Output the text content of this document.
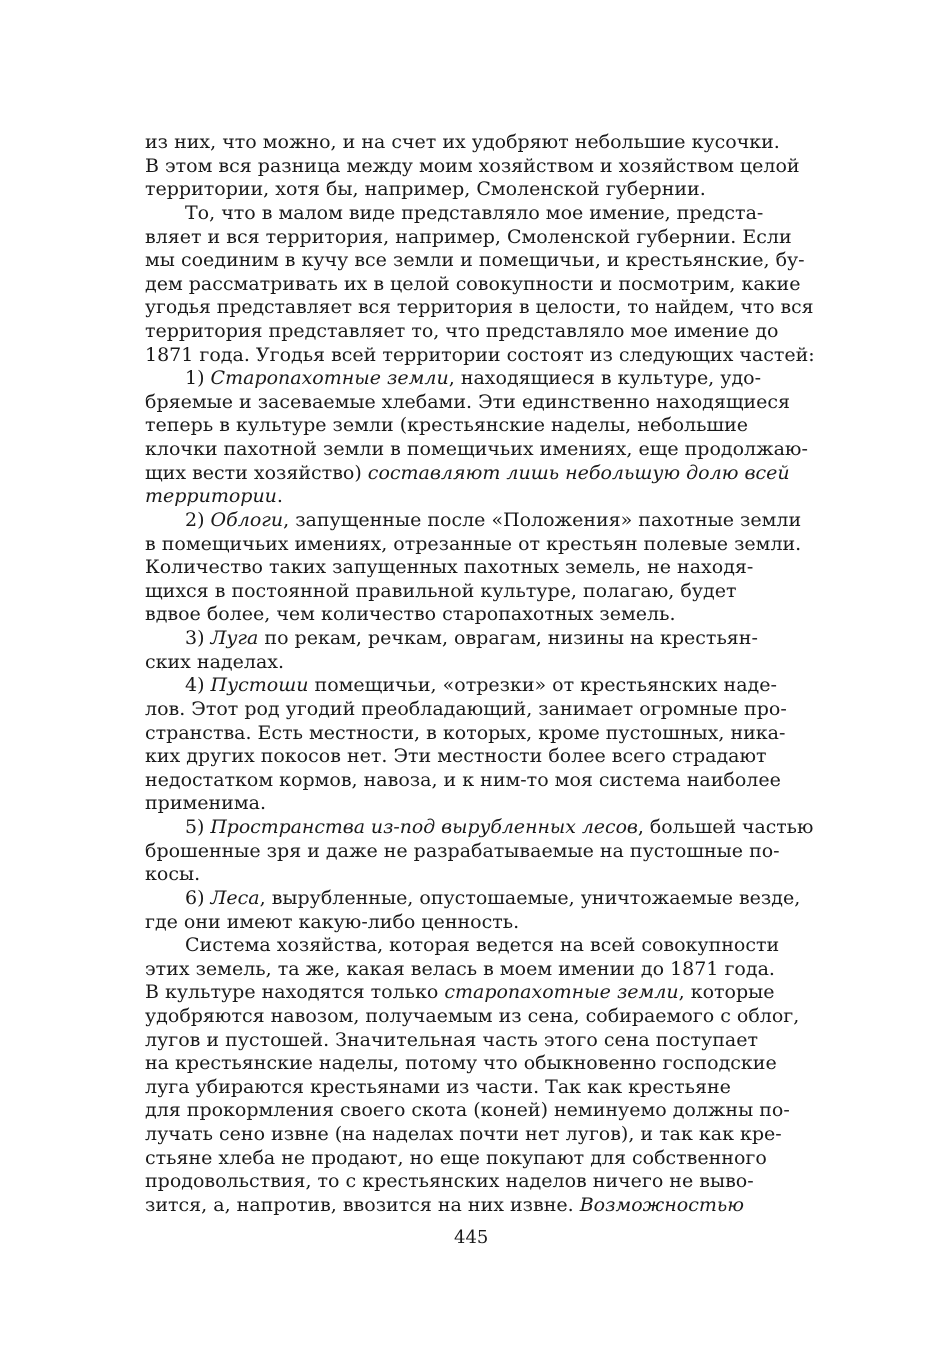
из них, что можно, и на счет их удобряют небольшие кусочки.
В этом вся разница между моим хозяйством и хозяйством целой
территории, хотя бы, например, Смоленской губернии.
То, что в малом виде представляло мое имение, предста-
вляет и вся территория, например, Смоленской губернии. Если
мы соединим в кучу все земли и помещичьи, и крестьянские, бу-
дем рассматривать их в целой совокупности и посмотрим, какие
угодья представляет вся территория в целости, то найдем, что вся
территория представляет то, что представляло мое имение до
1871 года. Угодья всей территории состоят из следующих частей:
1) Старопахотные земли, находящиеся в культуре, удо-
бряемые и засеваемые хлебами. Эти единственно находящиеся
теперь в культуре земли (крестьянские наделы, небольшие
клочки пахотной земли в помещичьих имениях, еще продолжаю-
щих вести хозяйство) составляют лишь небольшую долю всей
территории.
2) Облоги, запущенные после «Положения» пахотные земли
в помещичьих имениях, отрезанные от крестьян полевые земли.
Количество таких запущенных пахотных земель, не находя-
щихся в постоянной правильной культуре, полагаю, будет
вдвое более, чем количество старопахотных земель.
3) Луга по рекам, речкам, оврагам, низины на крестьян-
ских наделах.
4) Пустоши помещичьи, «отрезки» от крестьянских наде-
лов. Этот род угодий преобладающий, занимает огромные про-
странства. Есть местности, в которых, кроме пустошных, ника-
ких других покосов нет. Эти местности более всего страдают
недостатком кормов, навоза, и к ним-то моя система наиболее
применима.
5) Пространства из-под вырубленных лесов, большей частью
брошенные зря и даже не разрабатываемые на пустошные по-
косы.
6) Леса, вырубленные, опустошаемые, уничтожаемые везде,
где они имеют какую-либо ценность.
Система хозяйства, которая ведется на всей совокупности
этих земель, та же, какая велась в моем имении до 1871 года.
В культуре находятся только старопахотные земли, которые
удобряются навозом, получаемым из сена, собираемого с облог,
лугов и пустошей. Значительная часть этого сена поступает
на крестьянские наделы, потому что обыкновенно господские
луга убираются крестьянами из части. Так как крестьяне
для прокормления своего скота (коней) неминуемо должны по-
лучать сено извне (на наделах почти нет лугов), и так как кре-
стьяне хлеба не продают, но еще покупают для собственного
продовольствия, то с крестьянских наделов ничего не выво-
зится, а, напротив, ввозится на них извне. Возможностью
445
